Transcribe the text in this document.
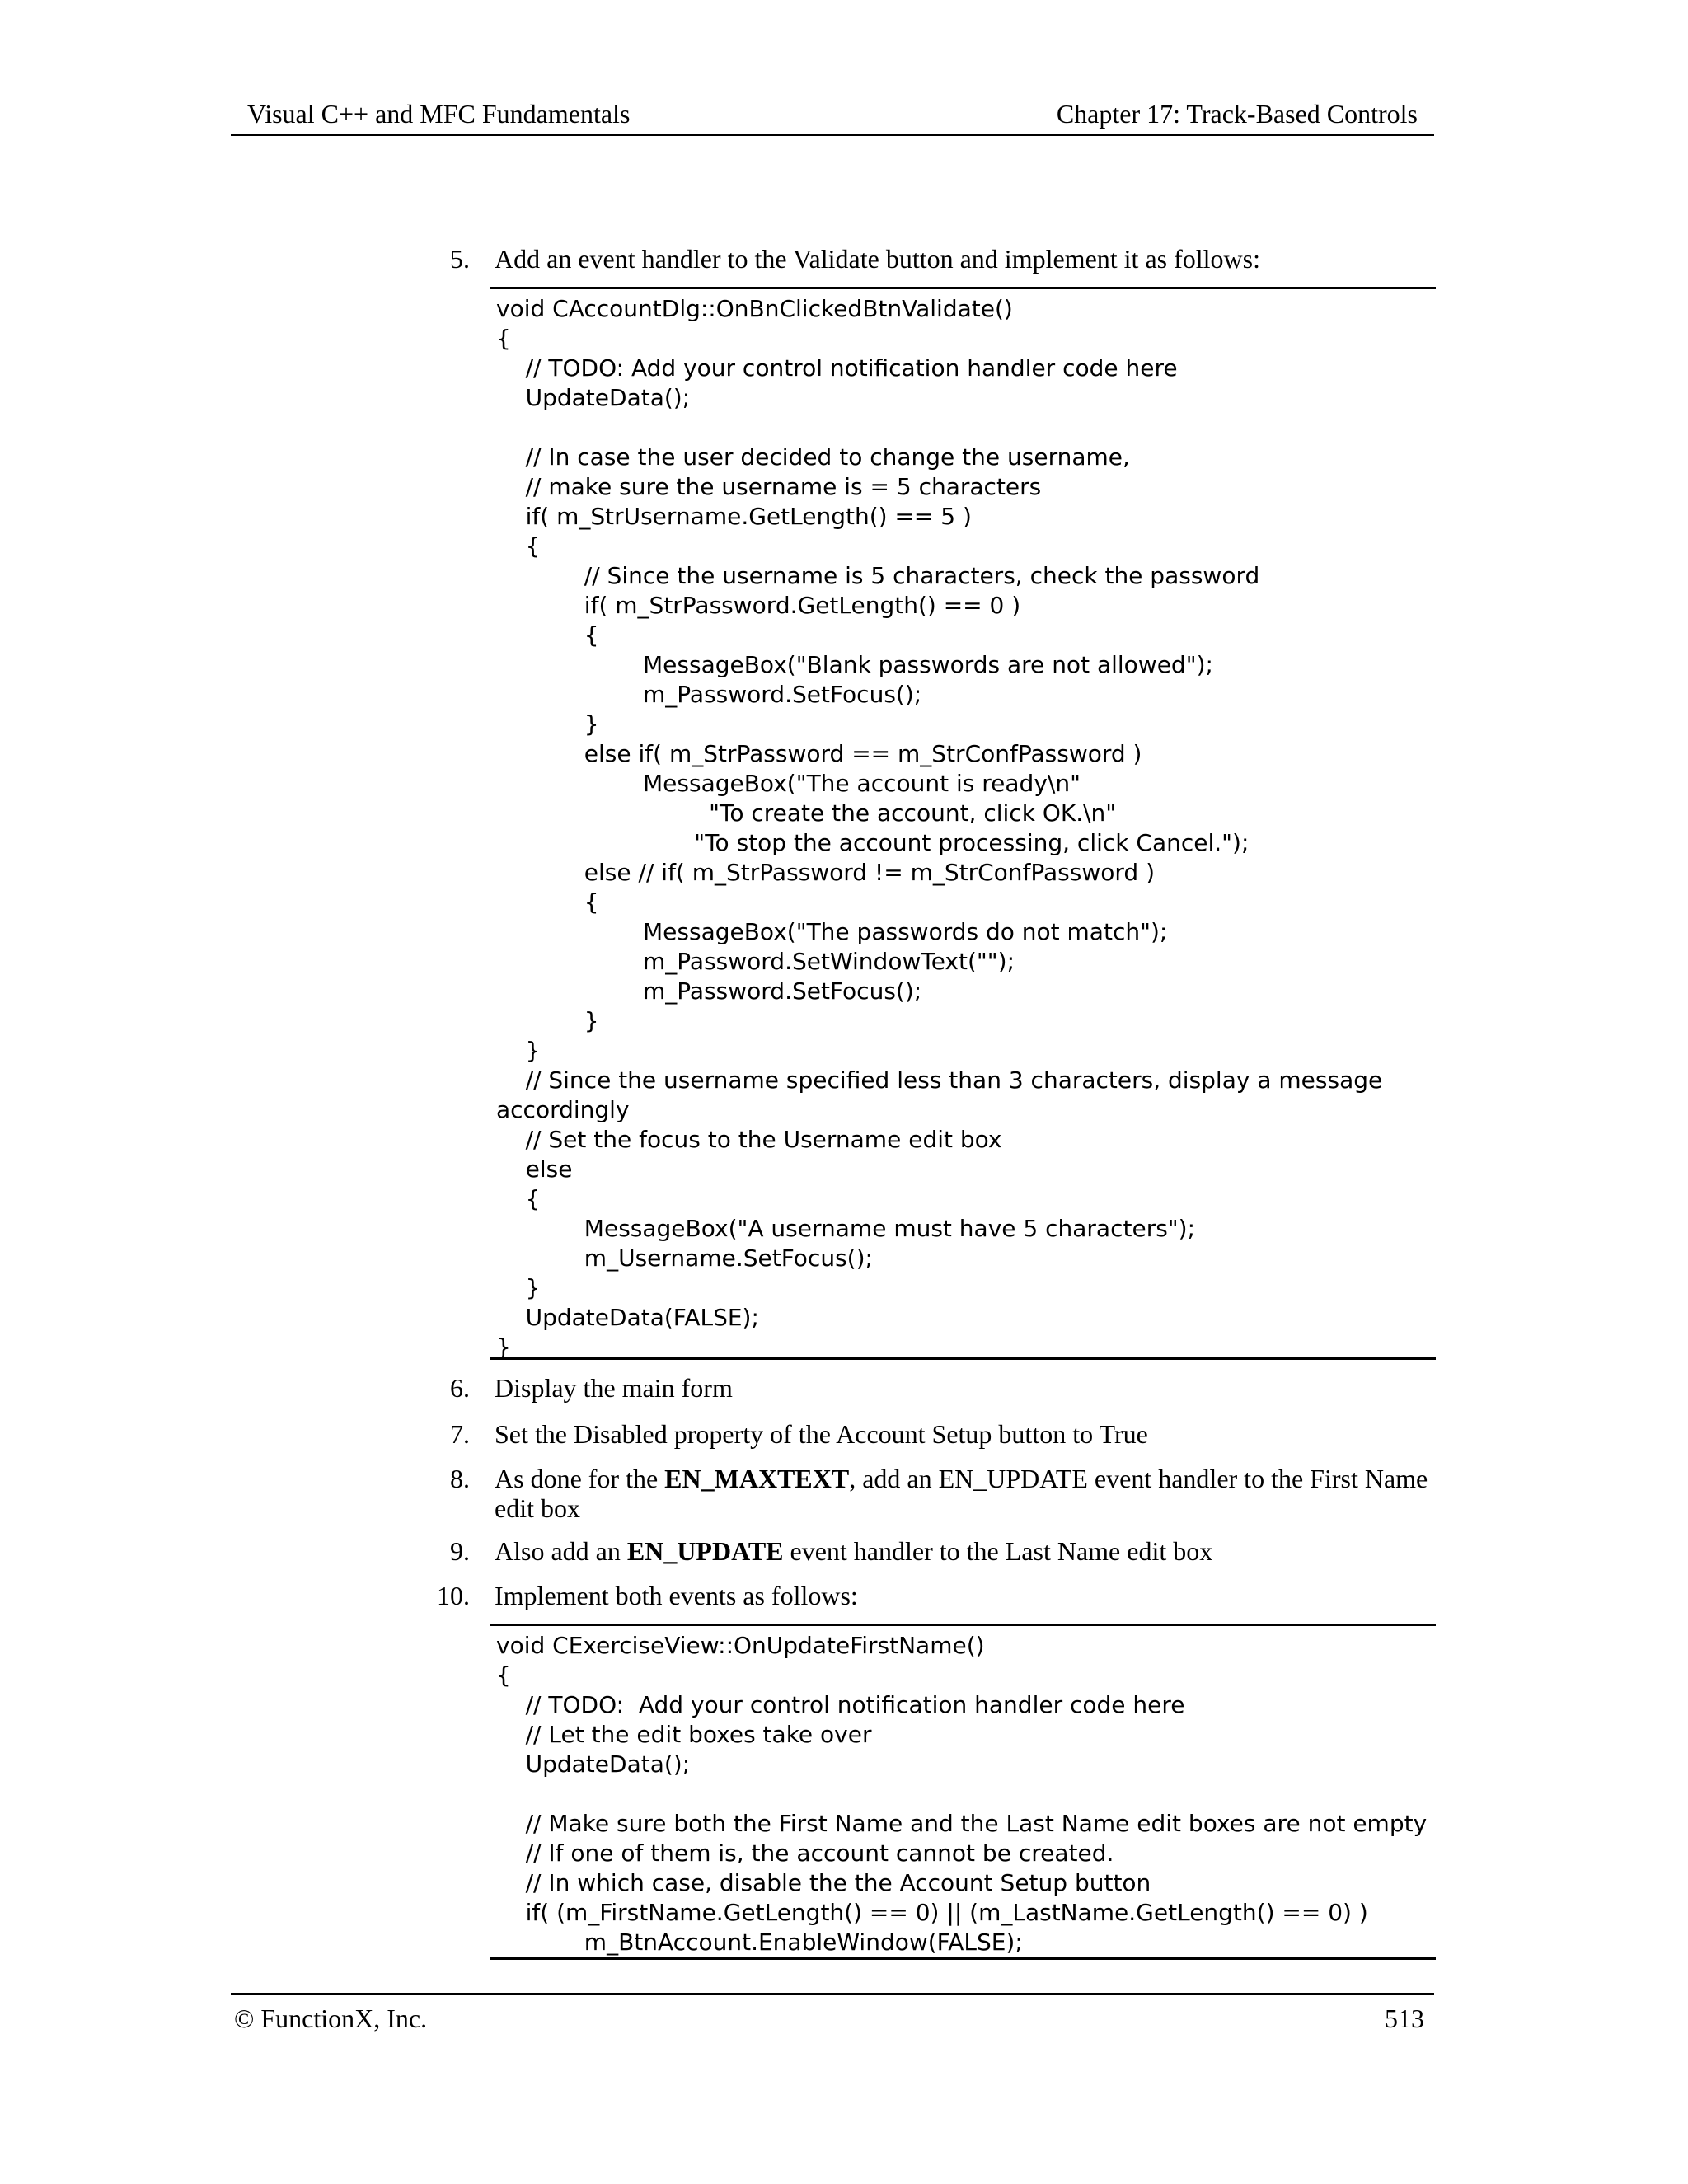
Visual C++ and MFC Fundamentals	Chapter 17: Track-Based Controls
5. Add an event handler to the Validate button and implement it as follows:
void CAccountDlg::OnBnClickedBtnValidate()
{
// TODO: Add your control notification handler code here
UpdateData();
// In case the user decided to change the username,
// make sure the username is = 5 characters
if( m_StrUsername.GetLength() == 5 )
{
// Since the username is 5 characters, check the password
if( m_StrPassword.GetLength() == 0 )
{
MessageBox("Blank passwords are not allowed");
m_Password.SetFocus();
}
else if( m_StrPassword == m_StrConfPassword )
MessageBox("The account is ready\n"
"To create the account, click OK.\n"
"To stop the account processing, click Cancel.");
else // if( m_StrPassword != m_StrConfPassword )
{
MessageBox("The passwords do not match");
m_Password.SetWindowText("");
m_Password.SetFocus();
}
}
// Since the username specified less than 3 characters, display a message
accordingly
// Set the focus to the Username edit box
else
{
MessageBox("A username must have 5 characters");
m_Username.SetFocus();
}
UpdateData(FALSE);
}
6. Display the main form
7. Set the Disabled property of the Account Setup button to True
8. As done for the EN_MAXTEXT, add an EN_UPDATE event handler to the First Name edit box
9. Also add an EN_UPDATE event handler to the Last Name edit box
10. Implement both events as follows:
void CExerciseView::OnUpdateFirstName()
{
// TODO:  Add your control notification handler code here
// Let the edit boxes take over
UpdateData();
// Make sure both the First Name and the Last Name edit boxes are not empty
// If one of them is, the account cannot be created.
// In which case, disable the the Account Setup button
if( (m_FirstName.GetLength() == 0) || (m_LastName.GetLength() == 0) )
m_BtnAccount.EnableWindow(FALSE);
© FunctionX, Inc.	513
